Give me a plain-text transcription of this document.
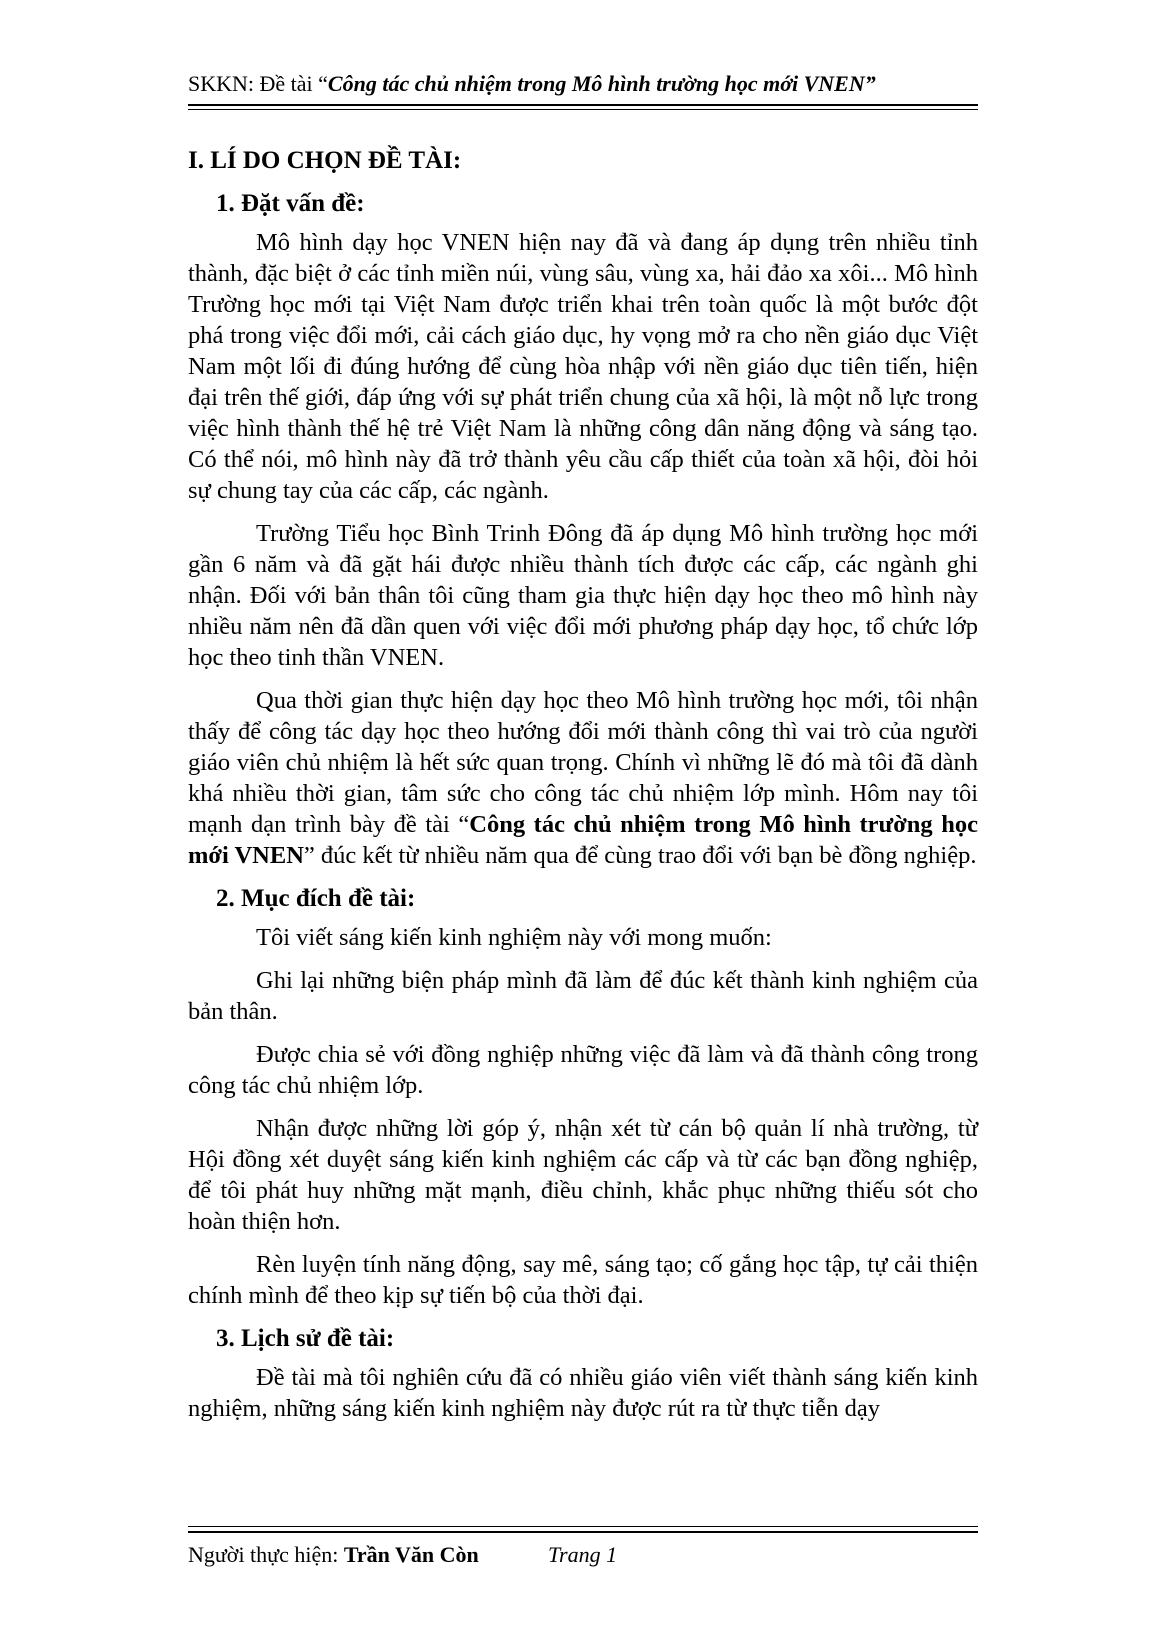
SKKN: Đề tài “Công tác chủ nhiệm trong Mô hình trường học mới VNEN”
I. LÍ DO CHỌN ĐỀ TÀI:
1. Đặt vấn đề:

Mô hình dạy học VNEN hiện nay đã và đang áp dụng trên nhiều tỉnh thành, đặc biệt ở các tỉnh miền núi, vùng sâu, vùng xa, hải đảo xa xôi... Mô hình Trường học mới tại Việt Nam được triển khai trên toàn quốc là một bước đột phá trong việc đổi mới, cải cách giáo dục, hy vọng mở ra cho nền giáo dục Việt Nam một lối đi đúng hướng để cùng hòa nhập với nền giáo dục tiên tiến, hiện đại trên thế giới, đáp ứng với sự phát triển chung của xã hội, là một nỗ lực trong việc hình thành thế hệ trẻ Việt Nam là những công dân năng động và sáng tạo. Có thể nói, mô hình này đã trở thành yêu cầu cấp thiết của toàn xã hội, đòi hỏi sự chung tay của các cấp, các ngành.

Trường Tiểu học Bình Trinh Đông đã áp dụng Mô hình trường học mới gần 6 năm và đã gặt hái được nhiều thành tích được các cấp, các ngành ghi nhận. Đối với bản thân tôi cũng tham gia thực hiện dạy học theo mô hình này nhiều năm nên đã dần quen với việc đổi mới phương pháp dạy học, tổ chức lớp học theo tinh thần VNEN.

Qua thời gian thực hiện dạy học theo Mô hình trường học mới, tôi nhận thấy để công tác dạy học theo hướng đổi mới thành công thì vai trò của người giáo viên chủ nhiệm là hết sức quan trọng. Chính vì những lẽ đó mà tôi đã dành khá nhiều thời gian, tâm sức cho công tác chủ nhiệm lớp mình. Hôm nay tôi mạnh dạn trình bày đề tài “Công tác chủ nhiệm trong Mô hình trường học mới VNEN” đúc kết từ nhiều năm qua để cùng trao đổi với bạn bè đồng nghiệp.

2. Mục đích đề tài:

Tôi viết sáng kiến kinh nghiệm này với mong muốn:

Ghi lại những biện pháp mình đã làm để đúc kết thành kinh nghiệm của bản thân.

Được chia sẻ với đồng nghiệp những việc đã làm và đã thành công trong công tác chủ nhiệm lớp.

Nhận được những lời góp ý, nhận xét từ cán bộ quản lí nhà trường, từ Hội đồng xét duyệt sáng kiến kinh nghiệm các cấp và từ các bạn đồng nghiệp, để tôi phát huy những mặt mạnh, điều chỉnh, khắc phục những thiếu sót cho hoàn thiện hơn.

Rèn luyện tính năng động, say mê, sáng tạo; cố gắng học tập, tự cải thiện chính mình để theo kịp sự tiến bộ của thời đại.

3. Lịch sử đề tài:

Đề tài mà tôi nghiên cứu đã có nhiều giáo viên viết thành sáng kiến kinh nghiệm, những sáng kiến kinh nghiệm này được rút ra từ thực tiễn dạy

Người thực hiện: Trần Văn Còn	Trang 1
